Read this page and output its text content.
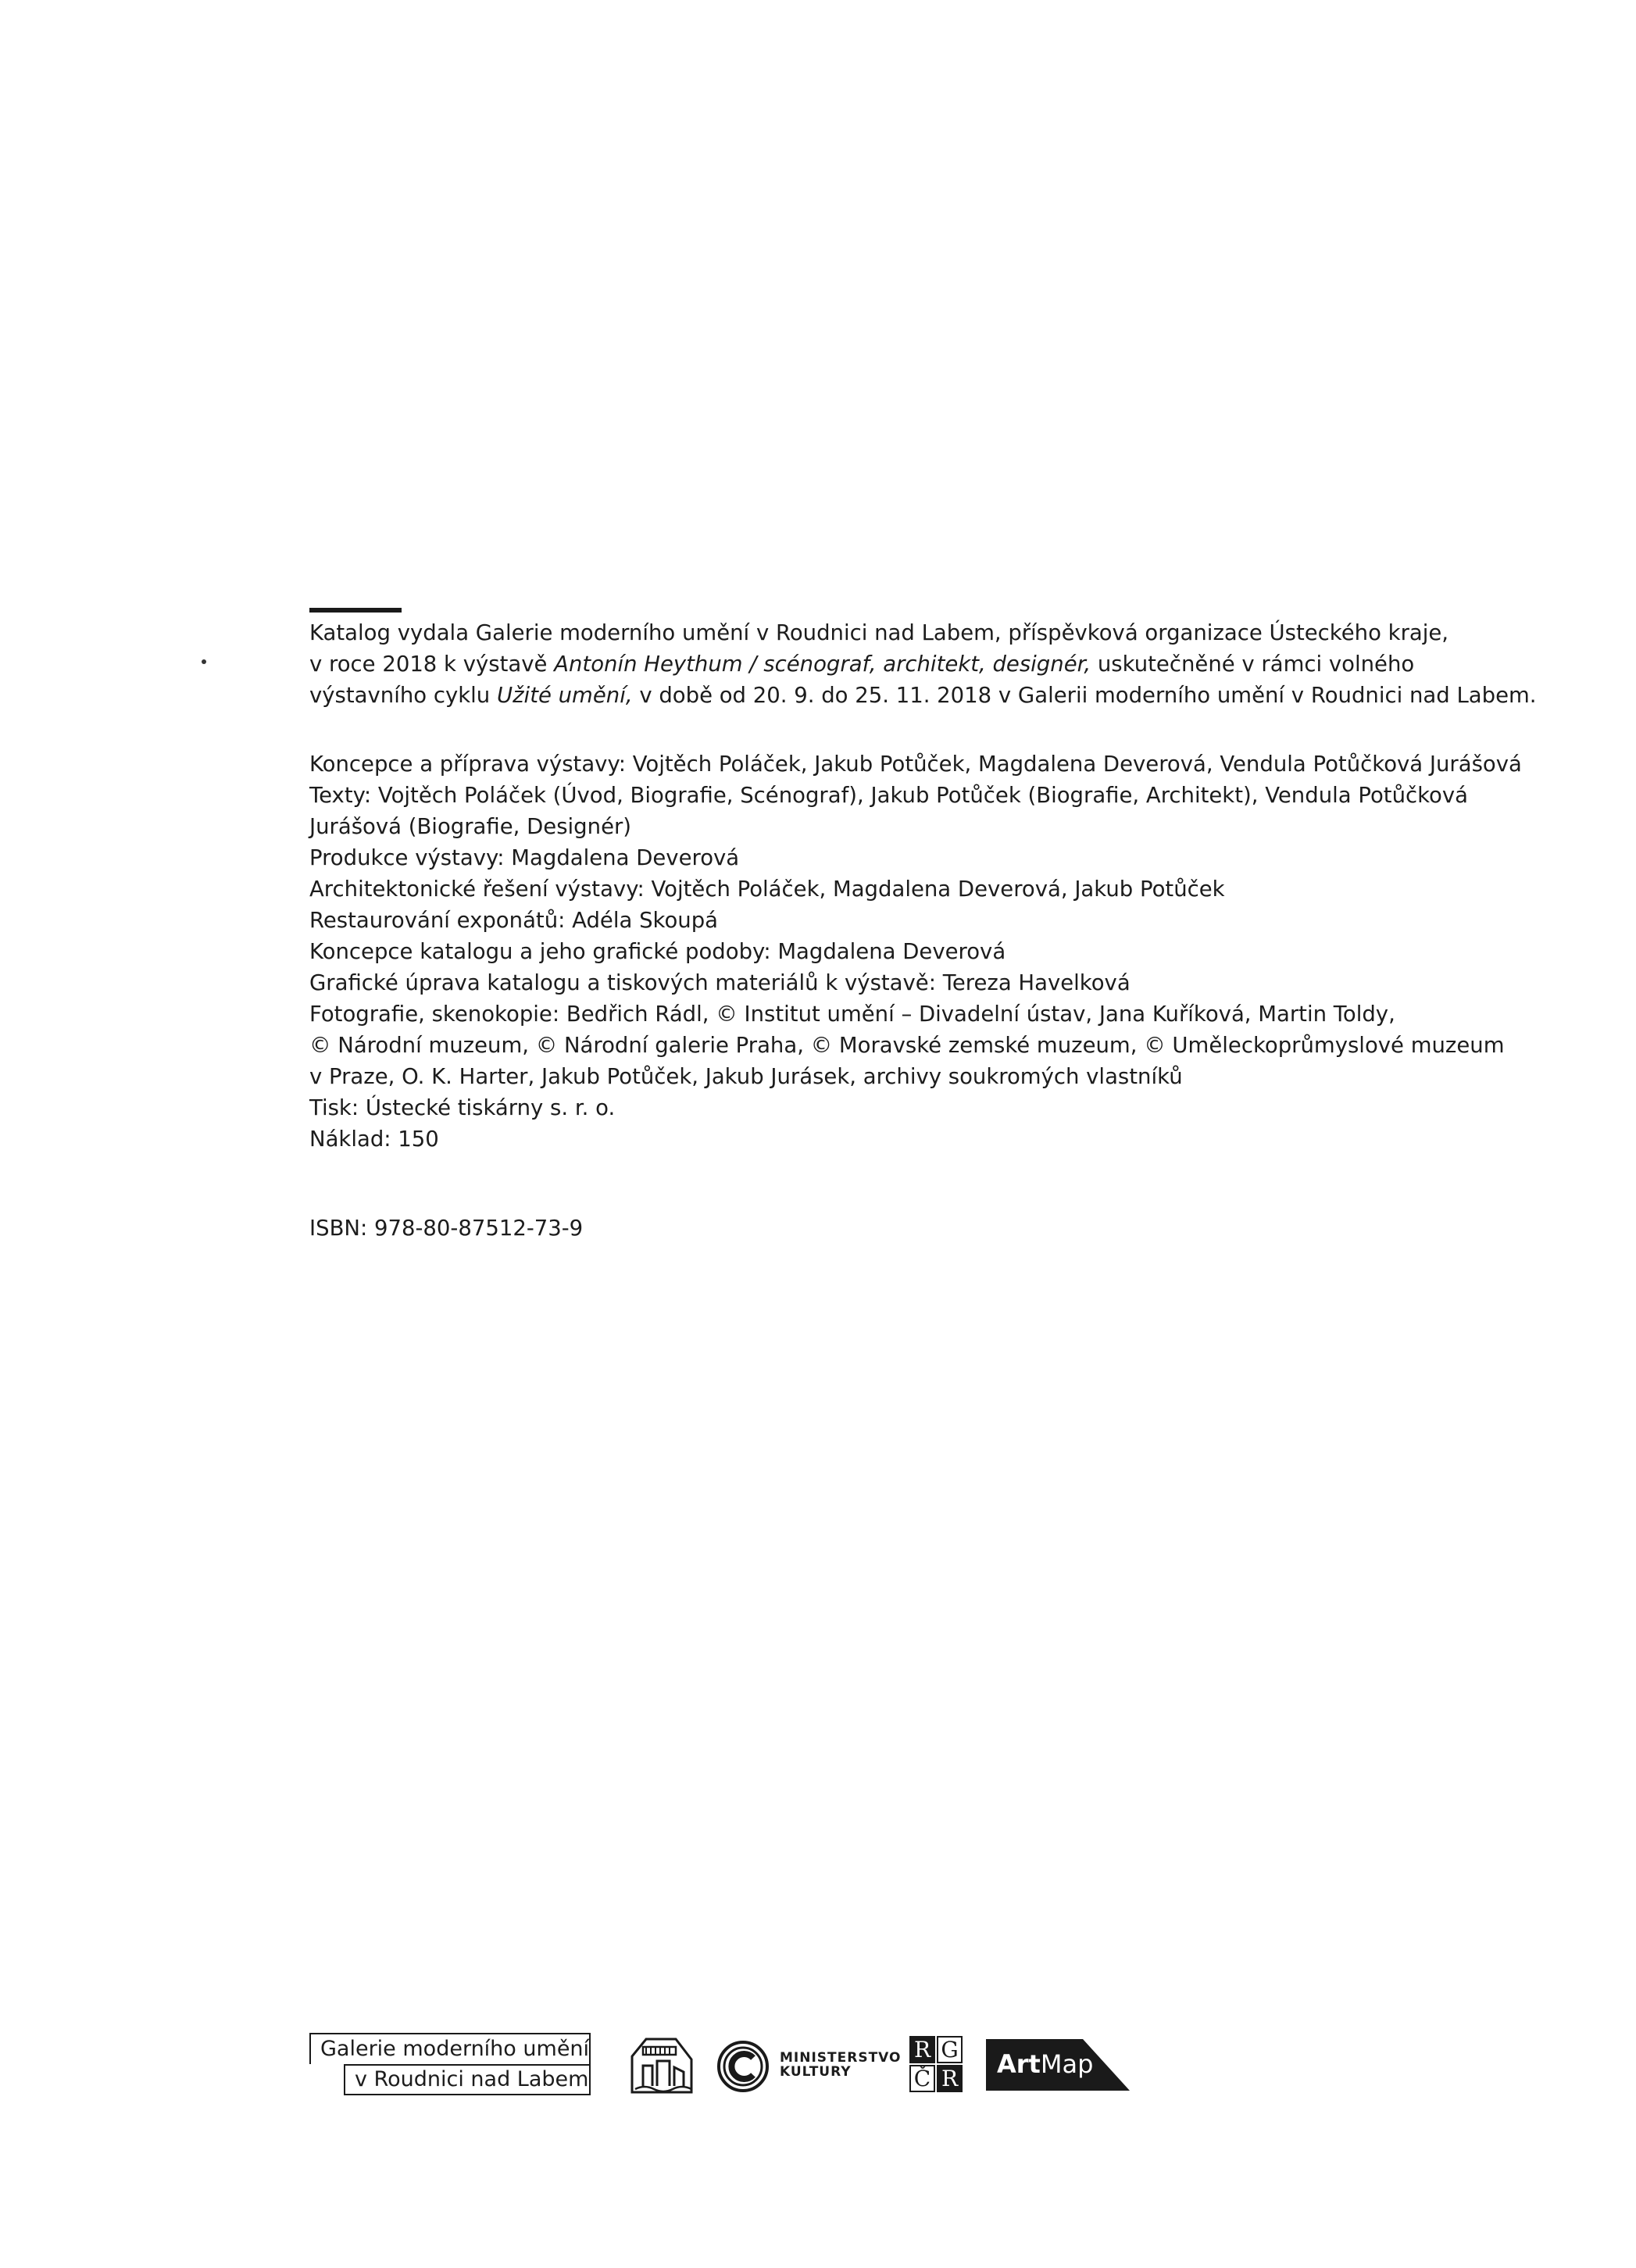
Katalog vydala Galerie moderního umění v Roudnici nad Labem, příspěvková organizace Ústeckého kraje,

v roce 2018 k výstavě Antonín Heythum / scénograf, architekt, designér, uskutečněné v rámci volného

výstavního cyklu Užité umění, v době od 20. 9. do 25. 11. 2018 v Galerii moderního umění v Roudnici nad Labem.

Koncepce a příprava výstavy: Vojtěch Poláček, Jakub Potůček, Magdalena Deverová, Vendula Potůčková Jurášová

Texty: Vojtěch Poláček (Úvod, Biografie, Scénograf), Jakub Potůček (Biografie, Architekt), Vendula Potůčková

Jurášová (Biografie, Designér)

Produkce výstavy: Magdalena Deverová

Architektonické řešení výstavy: Vojtěch Poláček, Magdalena Deverová, Jakub Potůček

Restaurování exponátů: Adéla Skoupá

Koncepce katalogu a jeho grafické podoby: Magdalena Deverová

Grafické úprava katalogu a tiskových materiálů k výstavě: Tereza Havelková

Fotografie, skenokopie: Bedřich Rádl, © Institut umění – Divadelní ústav, Jana Kuříková, Martin Toldy,

© Národní muzeum, © Národní galerie Praha, © Moravské zemské muzeum, © Uměleckoprůmyslové muzeum

v Praze, O. K. Harter, Jakub Potůček, Jakub Jurásek, archivy soukromých vlastníků

Tisk: Ústecké tiskárny s. r. o.

Náklad: 150

ISBN: 978-80-87512-73-9

Galerie moderního umění
v Roudnici nad Labem
MINISTERSTVO
KULTURY
R G
Č R ArtMap
